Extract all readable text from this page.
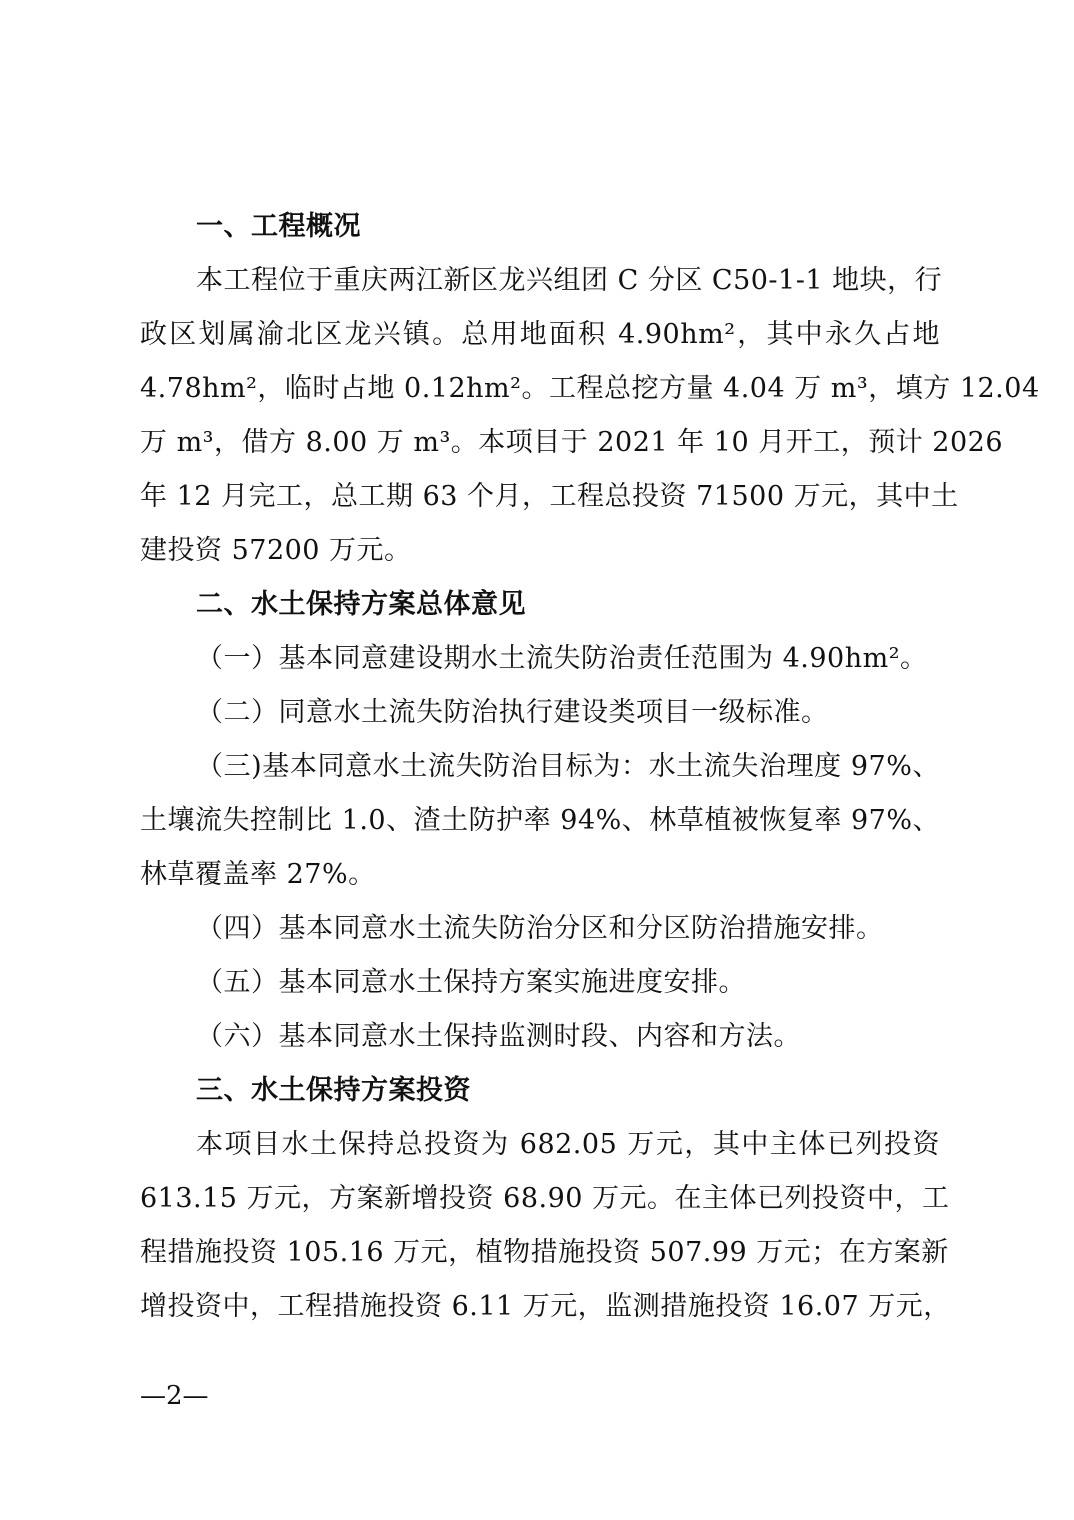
一、工程概况
本工程位于重庆两江新区龙兴组团 C 分区 C50-1-1 地块，行
政区划属渝北区龙兴镇。总用地面积 4.90hm²，其中永久占地
4.78hm²，临时占地 0.12hm²。工程总挖方量 4.04 万 m³，填方 12.04
万 m³，借方 8.00 万 m³。本项目于 2021 年 10 月开工，预计 2026
年 12 月完工，总工期 63 个月，工程总投资 71500 万元，其中土
建投资 57200 万元。
二、水土保持方案总体意见
（一）基本同意建设期水土流失防治责任范围为 4.90hm²。
（二）同意水土流失防治执行建设类项目一级标准。
（三)基本同意水土流失防治目标为：水土流失治理度 97%、
土壤流失控制比 1.0、渣土防护率 94%、林草植被恢复率 97%、
林草覆盖率 27%。
（四）基本同意水土流失防治分区和分区防治措施安排。
（五）基本同意水土保持方案实施进度安排。
（六）基本同意水土保持监测时段、内容和方法。
三、水土保持方案投资
本项目水土保持总投资为 682.05 万元，其中主体已列投资
613.15 万元，方案新增投资 68.90 万元。在主体已列投资中，工
程措施投资 105.16 万元，植物措施投资 507.99 万元；在方案新
增投资中，工程措施投资 6.11 万元，监测措施投资 16.07 万元，
—2—
